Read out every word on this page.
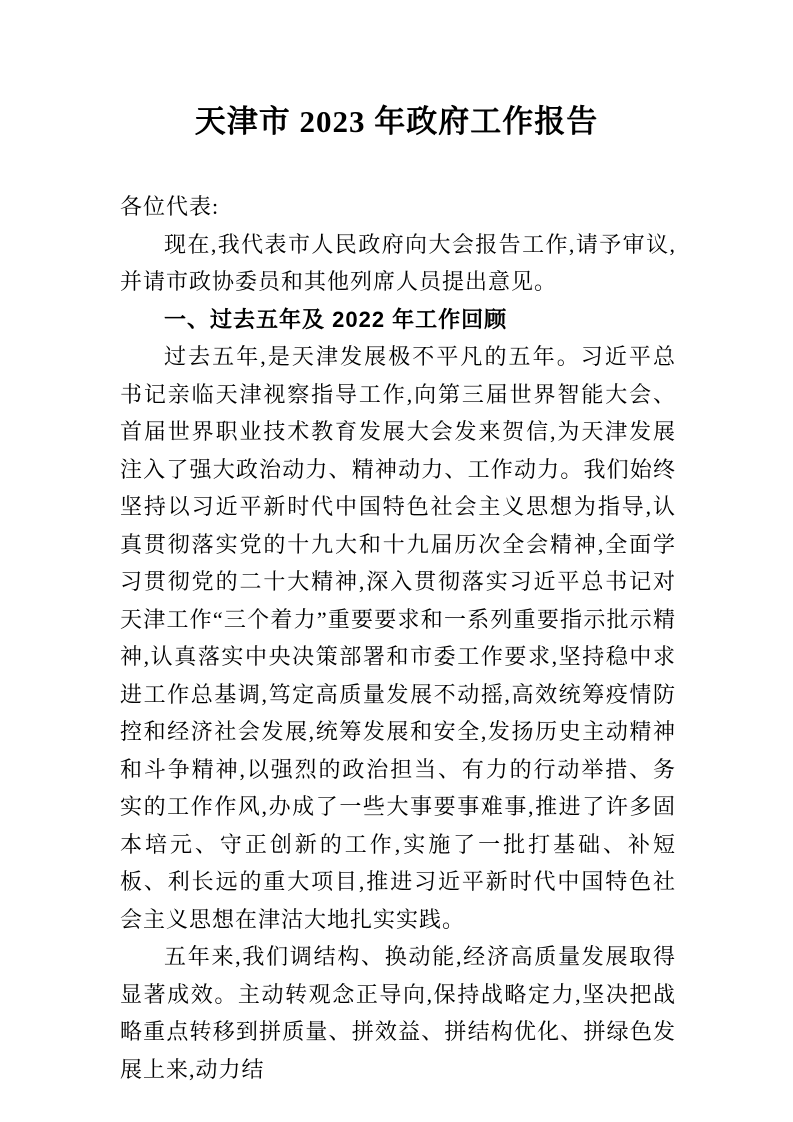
天津市 2023 年政府工作报告

各位代表:

现在,我代表市人民政府向大会报告工作,请予审议,并请市政协委员和其他列席人员提出意见。

一、过去五年及 2022 年工作回顾

过去五年,是天津发展极不平凡的五年。习近平总书记亲临天津视察指导工作,向第三届世界智能大会、首届世界职业技术教育发展大会发来贺信,为天津发展注入了强大政治动力、精神动力、工作动力。我们始终坚持以习近平新时代中国特色社会主义思想为指导,认真贯彻落实党的十九大和十九届历次全会精神,全面学习贯彻党的二十大精神,深入贯彻落实习近平总书记对天津工作“三个着力”重要要求和一系列重要指示批示精神,认真落实中央决策部署和市委工作要求,坚持稳中求进工作总基调,笃定高质量发展不动摇,高效统筹疫情防控和经济社会发展,统筹发展和安全,发扬历史主动精神和斗争精神,以强烈的政治担当、有力的行动举措、务实的工作作风,办成了一些大事要事难事,推进了许多固本培元、守正创新的工作,实施了一批打基础、补短板、利长远的重大项目,推进习近平新时代中国特色社会主义思想在津沽大地扎实实践。

五年来,我们调结构、换动能,经济高质量发展取得显著成效。主动转观念正导向,保持战略定力,坚决把战略重点转移到拼质量、拼效益、拼结构优化、拼绿色发展上来,动力结
